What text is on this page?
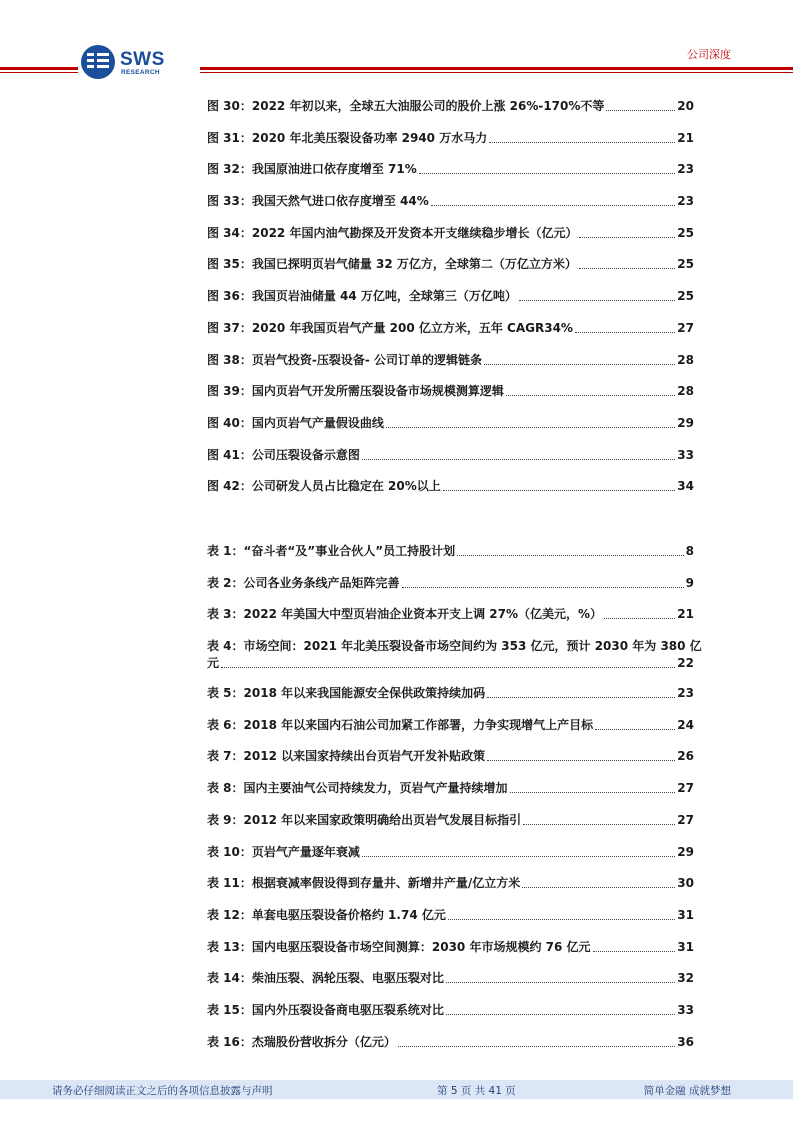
SWS
RESEARCH
公司深度
图 30：2022 年初以来，全球五大油服公司的股价上涨 26%-170%不等	20
图 31：2020 年北美压裂设备功率 2940 万水马力	21
图 32：我国原油进口依存度增至 71%	23
图 33：我国天然气进口依存度增至 44%	23
图 34：2022 年国内油气勘探及开发资本开支继续稳步增长（亿元）	25
图 35：我国已探明页岩气储量 32 万亿方，全球第二（万亿立方米）	25
图 36：我国页岩油储量 44 万亿吨，全球第三（万亿吨）	25
图 37：2020 年我国页岩气产量 200 亿立方米，五年 CAGR34%	27
图 38：页岩气投资-压裂设备- 公司订单的逻辑链条	28
图 39：国内页岩气开发所需压裂设备市场规模测算逻辑	28
图 40：国内页岩气产量假设曲线	29
图 41：公司压裂设备示意图	33
图 42：公司研发人员占比稳定在 20%以上	34
表 1：“奋斗者“及”事业合伙人”员工持股计划	8
表 2：公司各业务条线产品矩阵完善	9
表 3：2022 年美国大中型页岩油企业资本开支上调 27%（亿美元，%）	21
表 4：市场空间：2021 年北美压裂设备市场空间约为 353 亿元，预计 2030 年为 380 亿
元	22
表 5：2018 年以来我国能源安全保供政策持续加码	23
表 6：2018 年以来国内石油公司加紧工作部署，力争实现增气上产目标	24
表 7：2012 以来国家持续出台页岩气开发补贴政策	26
表 8：国内主要油气公司持续发力，页岩气产量持续增加	27
表 9：2012 年以来国家政策明确给出页岩气发展目标指引	27
表 10：页岩气产量逐年衰减	29
表 11：根据衰减率假设得到存量井、新增井产量/亿立方米	30
表 12：单套电驱压裂设备价格约 1.74 亿元	31
表 13：国内电驱压裂设备市场空间测算：2030 年市场规模约 76 亿元	31
表 14：柴油压裂、涡轮压裂、电驱压裂对比	32
表 15：国内外压裂设备商电驱压裂系统对比	33
表 16：杰瑞股份营收拆分（亿元）	36
请务必仔细阅读正文之后的各项信息披露与声明	第 5 页 共 41 页	简单金融 成就梦想
